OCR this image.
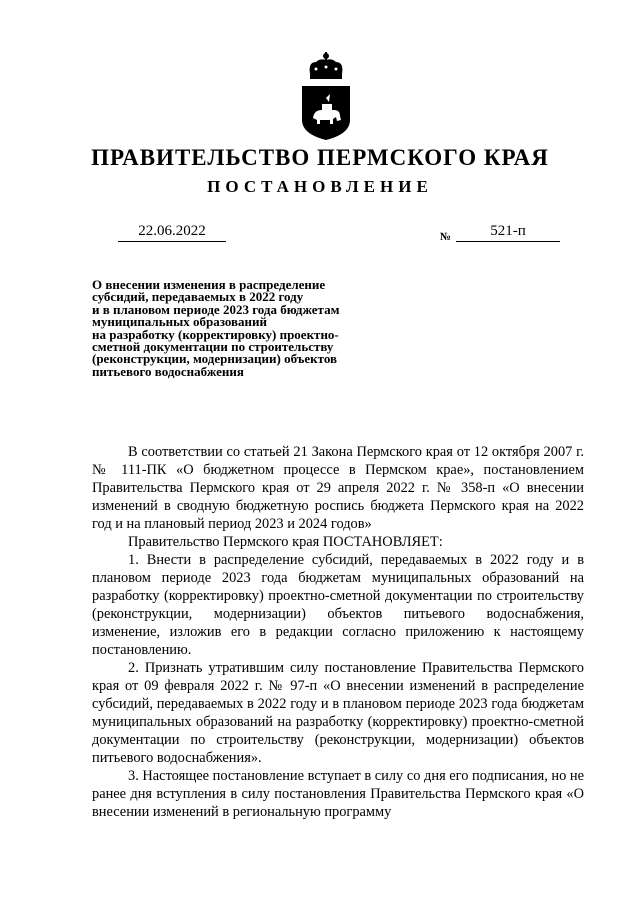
ПРАВИТЕЛЬСТВО ПЕРМСКОГО КРАЯ
ПОСТАНОВЛЕНИЕ
22.06.2022	№	521-п
О внесении изменения в распределение
субсидий, передаваемых в 2022 году
и в плановом периоде 2023 года бюджетам
муниципальных образований
на разработку (корректировку) проектно-
сметной документации по строительству
(реконструкции, модернизации) объектов
питьевого водоснабжения

В соответствии со статьей 21 Закона Пермского края от 12 октября 2007 г. № 111-ПК «О бюджетном процессе в Пермском крае», постановлением Правительства Пермского края от 29 апреля 2022 г. № 358-п «О внесении изменений в сводную бюджетную роспись бюджета Пермского края на 2022 год и на плановый период 2023 и 2024 годов»

Правительство Пермского края ПОСТАНОВЛЯЕТ:

1. Внести в распределение субсидий, передаваемых в 2022 году и в плановом периоде 2023 года бюджетам муниципальных образований на разработку (корректировку) проектно-сметной документации по строительству (реконструкции, модернизации) объектов питьевого водоснабжения, изменение, изложив его в редакции согласно приложению к настоящему постановлению.

2. Признать утратившим силу постановление Правительства Пермского края от 09 февраля 2022 г. № 97-п «О внесении изменений в распределение субсидий, передаваемых в 2022 году и в плановом периоде 2023 года бюджетам муниципальных образований на разработку (корректировку) проектно-сметной документации по строительству (реконструкции, модернизации) объектов питьевого водоснабжения».

3. Настоящее постановление вступает в силу со дня его подписания, но не ранее дня вступления в силу постановления Правительства Пермского края «О внесении изменений в региональную программу
